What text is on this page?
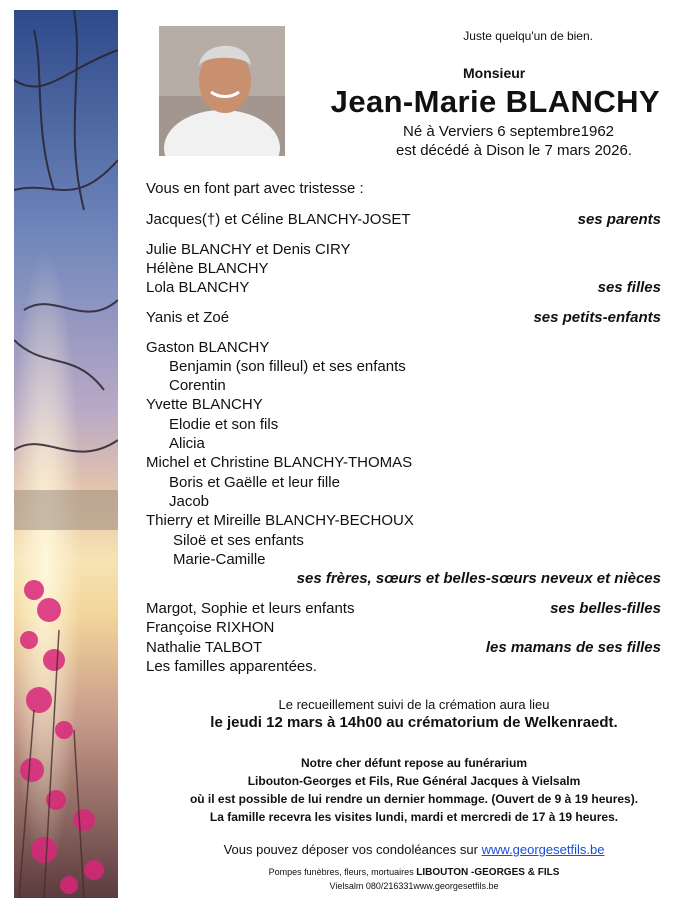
Juste quelqu'un de bien.
Monsieur
Jean-Marie BLANCHY
Né à Verviers 6 septembre1962
est décédé à Dison le 7 mars 2026.
Vous en font part avec tristesse :
Jacques(†) et Céline BLANCHY-JOSET	ses parents
Julie BLANCHY et Denis CIRY
Hélène BLANCHY
Lola BLANCHY	ses filles
Yanis et Zoé	ses petits-enfants
Gaston BLANCHY
Benjamin (son filleul) et ses enfants
Corentin
Yvette BLANCHY
Elodie et son fils
Alicia
Michel et Christine BLANCHY-THOMAS
Boris et Gaëlle et leur fille
Jacob
Thierry et Mireille BLANCHY-BECHOUX
Siloë et ses enfants
Marie-Camille
ses frères, sœurs et belles-sœurs neveux et nièces
Margot, Sophie et leurs enfants	ses belles-filles
Françoise RIXHON
Nathalie TALBOT	les mamans de ses filles
Les familles apparentées.
Le recueillement suivi de la crémation aura lieu
le jeudi 12 mars à 14h00 au crématorium de Welkenraedt.
Notre cher défunt repose au funérarium
Libouton-Georges et Fils, Rue Général Jacques à Vielsalm
où il est possible de lui rendre un dernier hommage. (Ouvert de 9 à 19 heures).
La famille recevra les visites lundi, mardi et mercredi de 17 à 19 heures.
Vous pouvez déposer vos condoléances sur www.georgesetfils.be
Pompes funèbres, fleurs, mortuaires LIBOUTON -GEORGES & FILS
Vielsalm 080/216331www.georgesetfils.be
